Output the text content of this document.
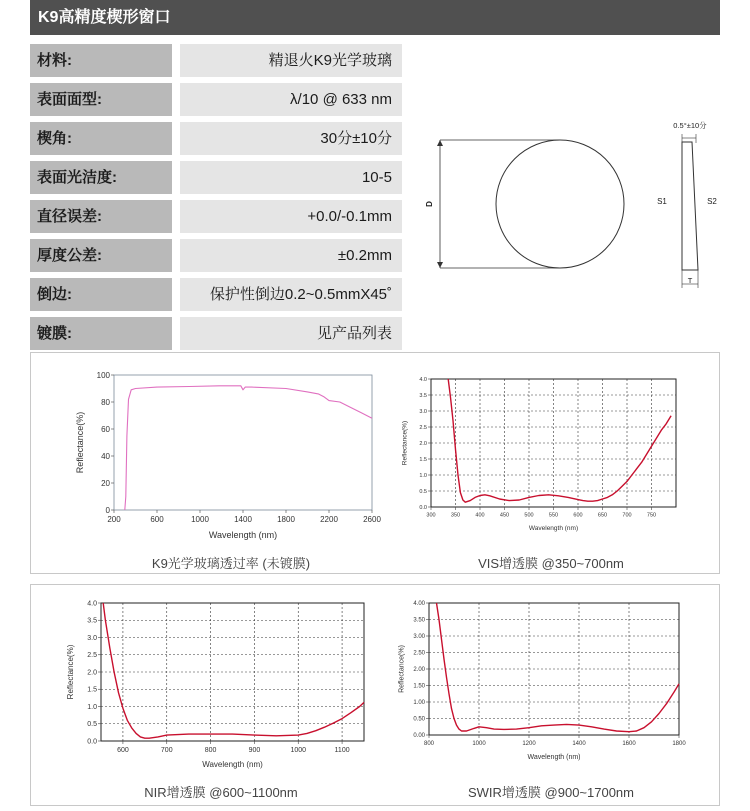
K9高精度楔形窗口
材料:	精退火K9光学玻璃
表面面型:	λ/10 @ 633 nm
楔角:	30分±10分
表面光洁度:	10-5
直径误差:	+0.0/-0.1mm
厚度公差:	±0.2mm
倒边:	保护性倒边0.2~0.5mmX45˚
镀膜:	见产品列表
D
0.5°±10分
S1	S2
T
0
20
40
60
80
100
200	600	1000	1400	1800	2200	2600
Wavelength (nm)
Reflectance(%)
K9光学玻璃透过率 (未镀膜)
0.0
0.5
1.0
1.5
2.0
2.5
3.0
3.5
4.0
300	350	400	450	500	550	600	650	700	750
Wavelength (nm)
Reflectance(%)
VIS增透膜 @350~700nm
0.0
0.5
1.0
1.5
2.0
2.5
3.0
3.5
4.0
600	700	800	900	1000	1100
Wavelength (nm)
Reflectance(%)
NIR增透膜 @600~1100nm
0.00
0.50
1.00
1.50
2.00
2.50
3.00
3.50
4.00
800	1000	1200	1400	1600	1800
Wavelength (nm)
Reflectance(%)
SWIR增透膜 @900~1700nm
